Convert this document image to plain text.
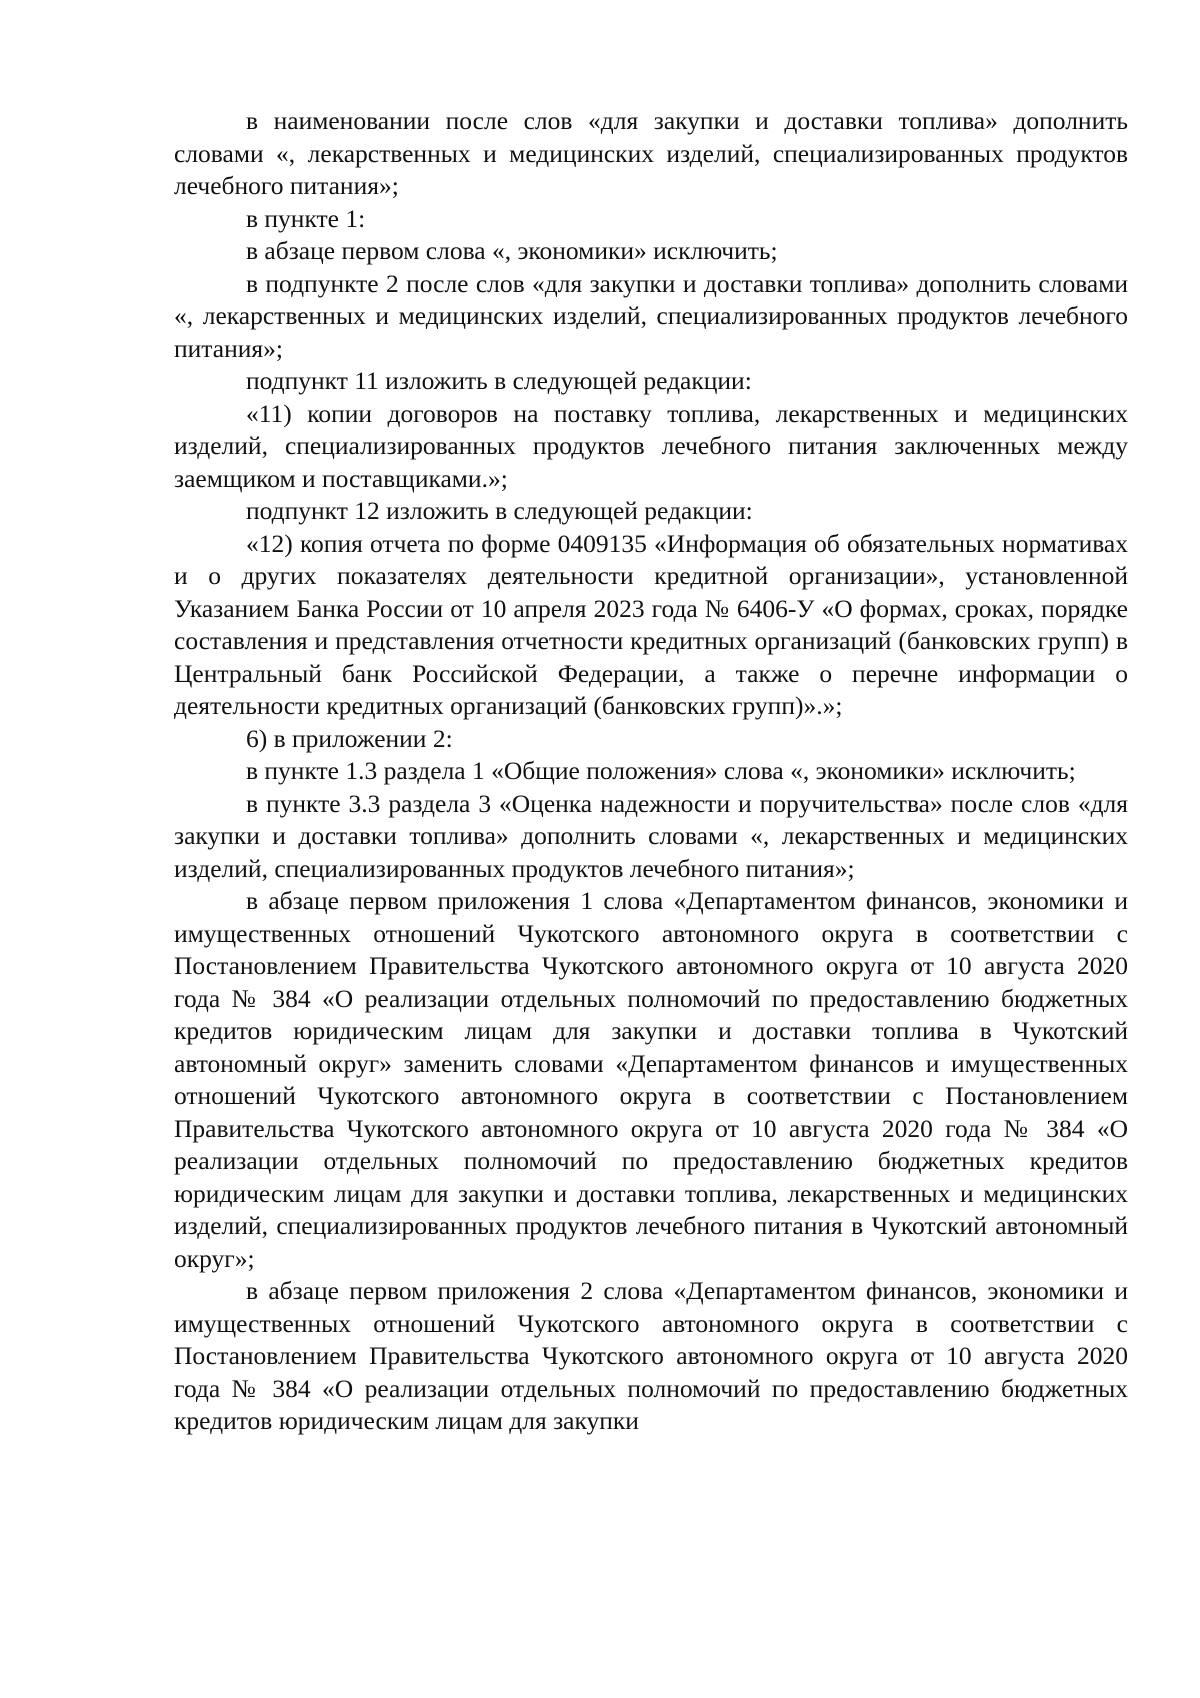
в наименовании после слов «для закупки и доставки топлива» дополнить словами «, лекарственных и медицинских изделий, специализированных продуктов лечебного питания»;

в пункте 1:

в абзаце первом слова «, экономики» исключить;

в подпункте 2 после слов «для закупки и доставки топлива» дополнить словами «, лекарственных и медицинских изделий, специализированных продуктов лечебного питания»;

подпункт 11 изложить в следующей редакции:

«11) копии договоров на поставку топлива, лекарственных и медицинских изделий, специализированных продуктов лечебного питания заключенных между заемщиком и поставщиками.»;

подпункт 12 изложить в следующей редакции:

«12) копия отчета по форме 0409135 «Информация об обязательных нормативах и о других показателях деятельности кредитной организации», установленной Указанием Банка России от 10 апреля 2023 года № 6406-У «О формах, сроках, порядке составления и представления отчетности кредитных организаций (банковских групп) в Центральный банк Российской Федерации, а также о перечне информации о деятельности кредитных организаций (банковских групп)».»;

6) в приложении 2:

в пункте 1.3 раздела 1 «Общие положения» слова «, экономики» исключить;

в пункте 3.3 раздела 3 «Оценка надежности и поручительства» после слов «для закупки и доставки топлива» дополнить словами «, лекарственных и медицинских изделий, специализированных продуктов лечебного питания»;

в абзаце первом приложения 1 слова «Департаментом финансов, экономики и имущественных отношений Чукотского автономного округа в соответствии с Постановлением Правительства Чукотского автономного округа от 10 августа 2020 года № 384 «О реализации отдельных полномочий по предоставлению бюджетных кредитов юридическим лицам для закупки и доставки топлива в Чукотский автономный округ» заменить словами «Департаментом финансов и имущественных отношений Чукотского автономного округа в соответствии с Постановлением Правительства Чукотского автономного округа от 10 августа 2020 года № 384 «О реализации отдельных полномочий по предоставлению бюджетных кредитов юридическим лицам для закупки и доставки топлива, лекарственных и медицинских изделий, специализированных продуктов лечебного питания в Чукотский автономный округ»;

в абзаце первом приложения 2 слова «Департаментом финансов, экономики и имущественных отношений Чукотского автономного округа в соответствии с Постановлением Правительства Чукотского автономного округа от 10 августа 2020 года № 384 «О реализации отдельных полномочий по предоставлению бюджетных кредитов юридическим лицам для закупки
